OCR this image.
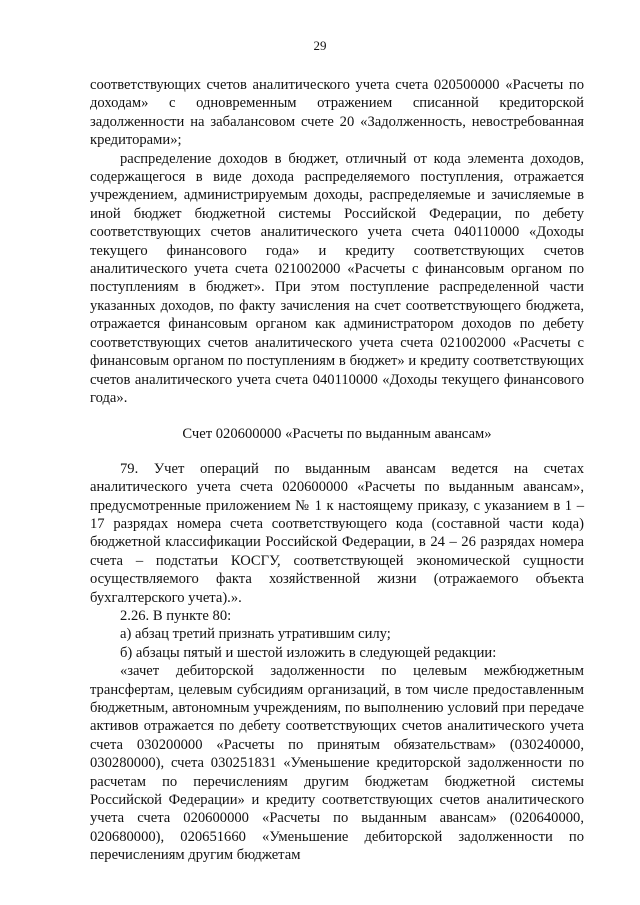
29

соответствующих счетов аналитического учета счета 020500000 «Расчеты по доходам» с одновременным отражением списанной кредиторской задолженности на забалансовом счете 20 «Задолженность, невостребованная кредиторами»;

распределение доходов в бюджет, отличный от кода элемента доходов, содержащегося в виде дохода распределяемого поступления, отражается учреждением, администрируемым доходы, распределяемые и зачисляемые в иной бюджет бюджетной системы Российской Федерации, по дебету соответствующих счетов аналитического учета счета 040110000 «Доходы текущего финансового года» и кредиту соответствующих счетов аналитического учета счета 021002000 «Расчеты с финансовым органом по поступлениям в бюджет». При этом поступление распределенной части указанных доходов, по факту зачисления на счет соответствующего бюджета, отражается финансовым органом как администратором доходов по дебету соответствующих счетов аналитического учета счета 021002000 «Расчеты с финансовым органом по поступлениям в бюджет» и кредиту соответствующих счетов аналитического учета счета 040110000 «Доходы текущего финансового года».

Счет 020600000 «Расчеты по выданным авансам»

79. Учет операций по выданным авансам ведется на счетах аналитического учета счета 020600000 «Расчеты по выданным авансам», предусмотренные приложением № 1 к настоящему приказу, с указанием в 1 – 17 разрядах номера счета соответствующего кода (составной части кода) бюджетной классификации Российской Федерации, в 24 – 26 разрядах номера счета – подстатьи КОСГУ, соответствующей экономической сущности осуществляемого факта хозяйственной жизни (отражаемого объекта бухгалтерского учета).».

2.26. В пункте 80:

а) абзац третий признать утратившим силу;

б) абзацы пятый и шестой изложить в следующей редакции:

«зачет дебиторской задолженности по целевым межбюджетным трансфертам, целевым субсидиям организаций, в том числе предоставленным бюджетным, автономным учреждениям, по выполнению условий при передаче активов отражается по дебету соответствующих счетов аналитического учета счета 030200000 «Расчеты по принятым обязательствам» (030240000, 030280000), счета 030251831 «Уменьшение кредиторской задолженности по расчетам по перечислениям другим бюджетам бюджетной системы Российской Федерации» и кредиту соответствующих счетов аналитического учета счета 020600000 «Расчеты по выданным авансам» (020640000, 020680000), 020651660 «Уменьшение дебиторской задолженности по перечислениям другим бюджетам
